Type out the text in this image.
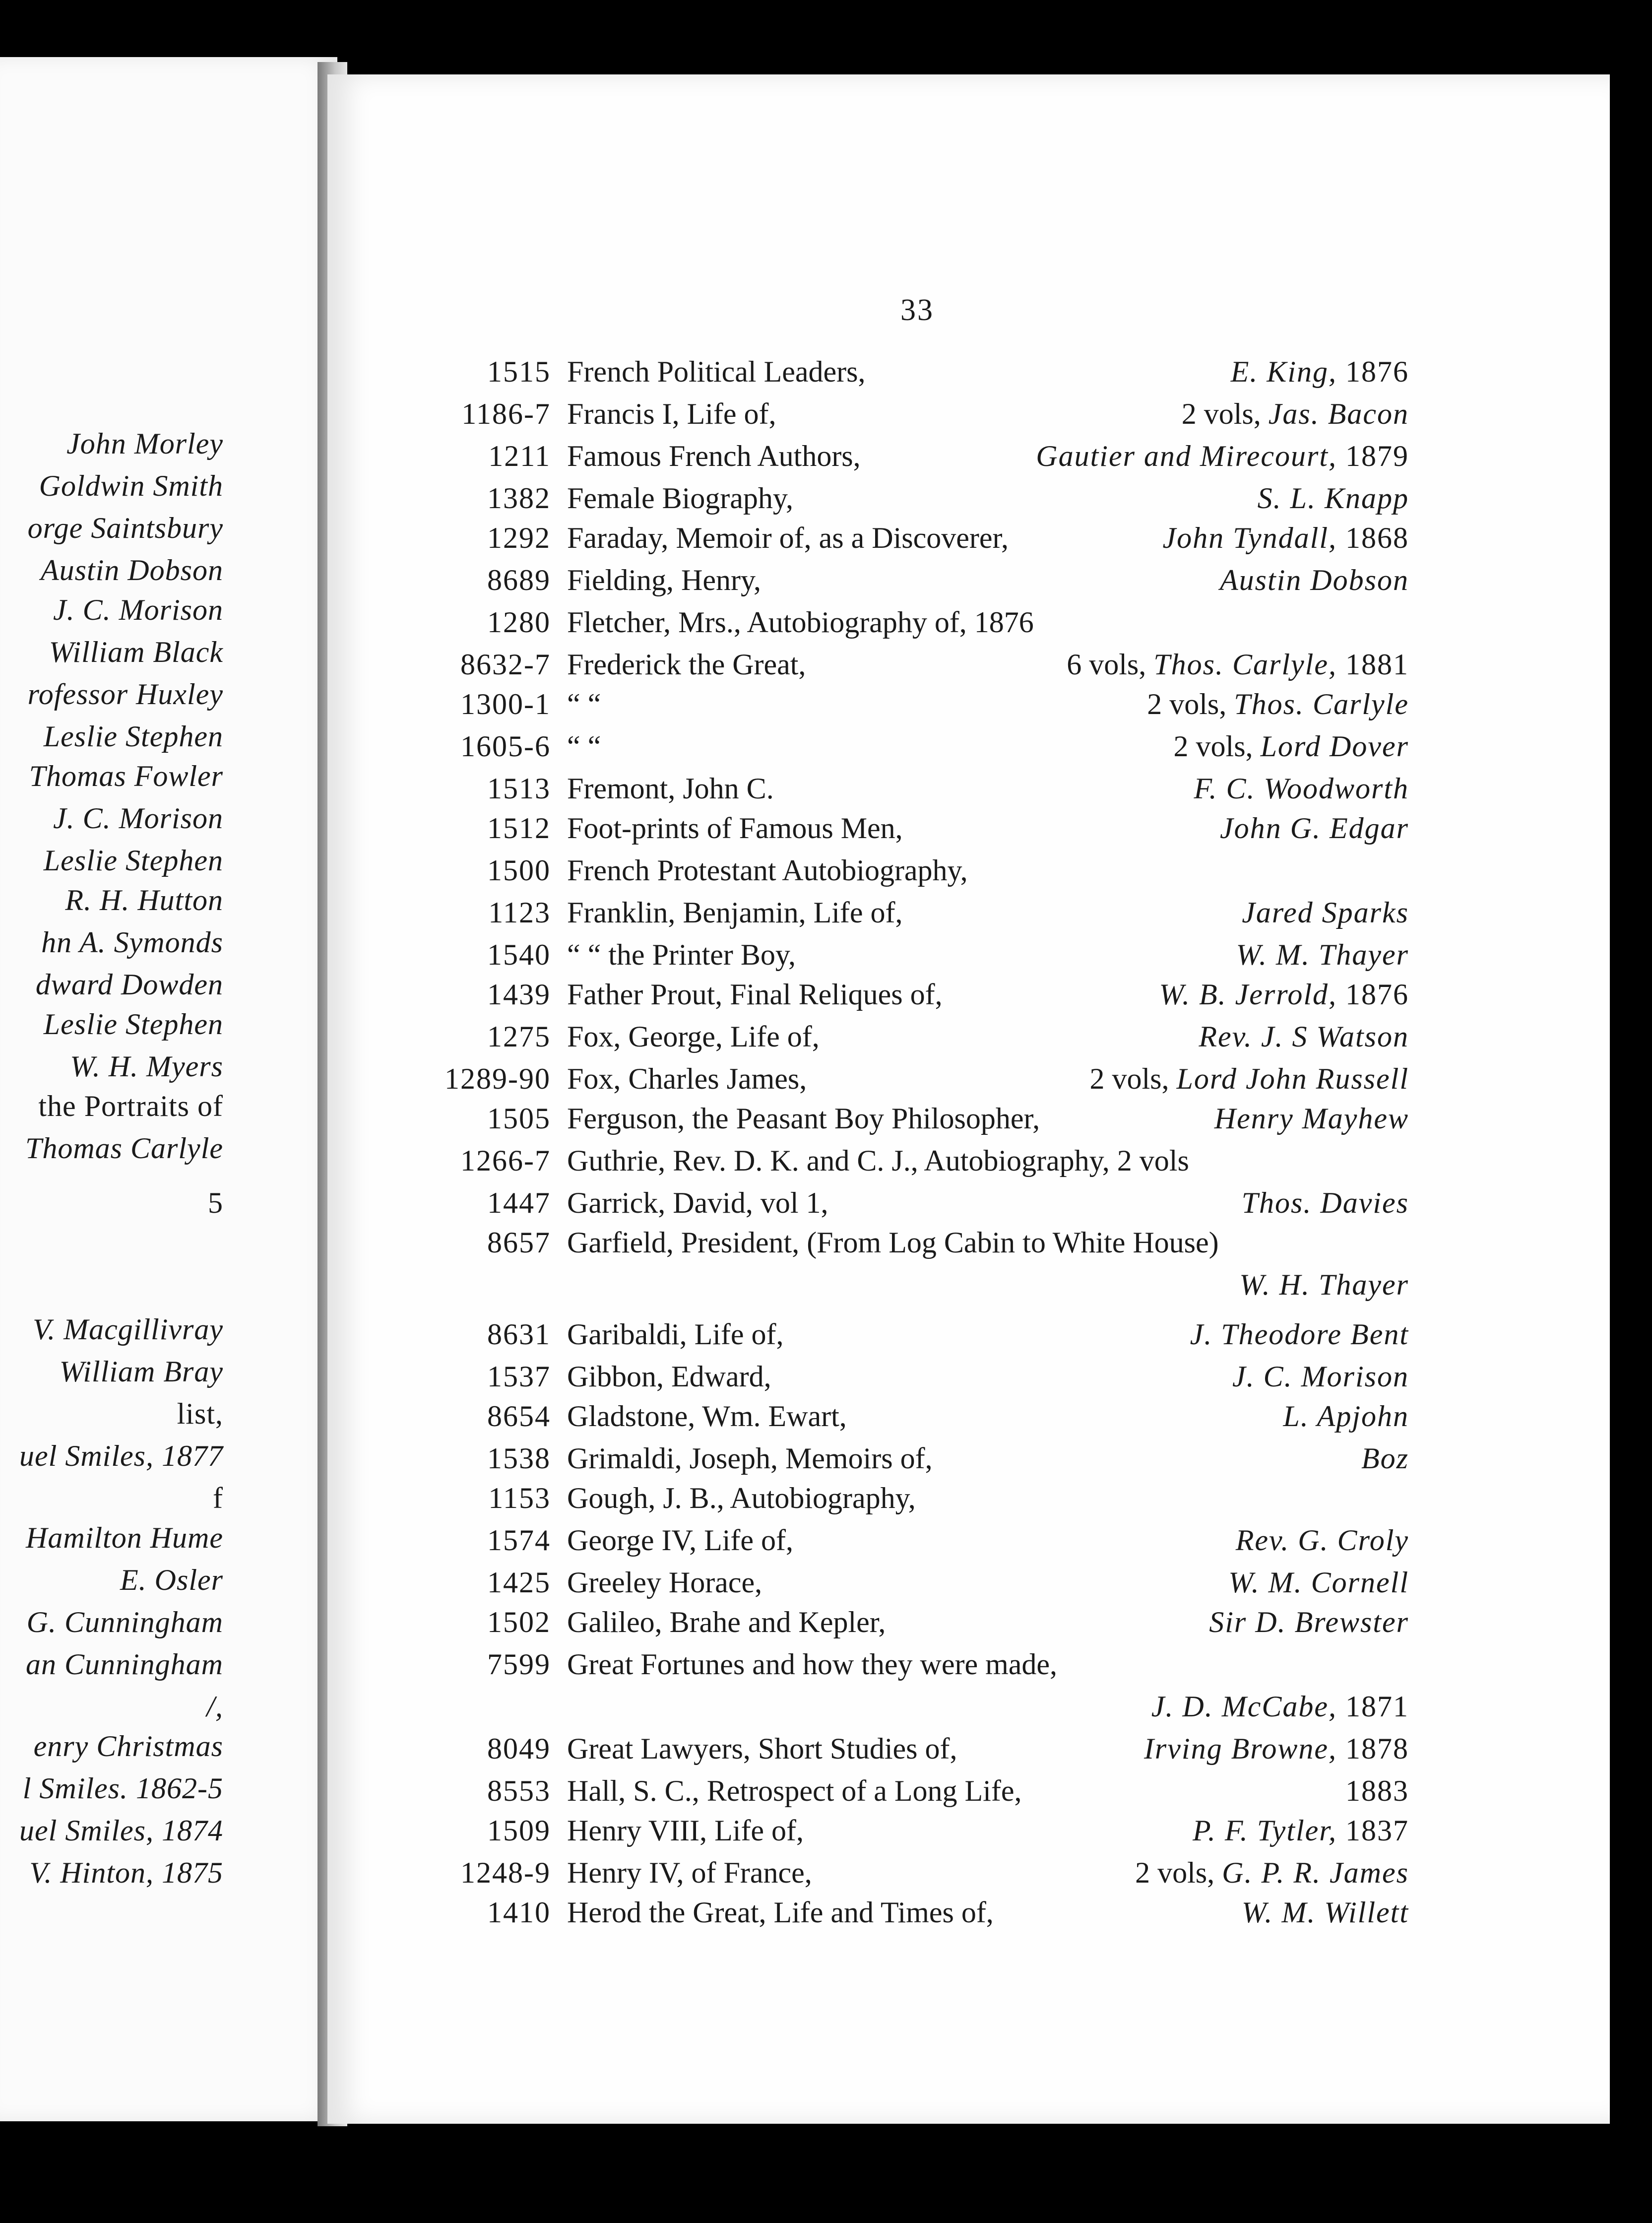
John Morley
Goldwin Smith
orge Saintsbury
Austin Dobson
J. C. Morison
William Black
rofessor Huxley
Leslie Stephen
Thomas Fowler
J. C. Morison
Leslie Stephen
R. H. Hutton
hn A. Symonds
dward Dowden
Leslie Stephen
W. H. Myers
the Portraits of
Thomas Carlyle
5
V. Macgillivray
William Bray
list,
uel Smiles, 1877
f
Hamilton Hume
E. Osler
G. Cunningham
an Cunningham
/,
enry Christmas
l Smiles. 1862-5
uel Smiles, 1874
V. Hinton, 1875
33
1515 French Political Leaders,	E. King, 1876
1186-7 Francis I, Life of,	2 vols, Jas. Bacon
1211 Famous French Authors,	Gautier and Mirecourt, 1879
1382 Female Biography,	S. L. Knapp
1292 Faraday, Memoir of, as a Discoverer,	John Tyndall, 1868
8689 Fielding, Henry,	Austin Dobson
1280 Fletcher, Mrs., Autobiography of, 1876
8632-7 Frederick the Great,	6 vols, Thos. Carlyle, 1881
1300-1 “ “	2 vols, Thos. Carlyle
1605-6 “ “	2 vols, Lord Dover
1513 Fremont, John C.	F. C. Woodworth
1512 Foot-prints of Famous Men,	John G. Edgar
1500 French Protestant Autobiography,
1123 Franklin, Benjamin, Life of,	Jared Sparks
1540 “ “ the Printer Boy,	W. M. Thayer
1439 Father Prout, Final Reliques of,	W. B. Jerrold, 1876
1275 Fox, George, Life of,	Rev. J. S Watson
1289-90 Fox, Charles James,	2 vols, Lord John Russell
1505 Ferguson, the Peasant Boy Philosopher,	Henry Mayhew
1266-7 Guthrie, Rev. D. K. and C. J., Autobiography, 2 vols
1447 Garrick, David, vol 1,	Thos. Davies
8657 Garfield, President, (From Log Cabin to White House)
W. H. Thayer
8631 Garibaldi, Life of,	J. Theodore Bent
1537 Gibbon, Edward,	J. C. Morison
8654 Gladstone, Wm. Ewart,	L. Apjohn
1538 Grimaldi, Joseph, Memoirs of,	Boz
1153 Gough, J. B., Autobiography,
1574 George IV, Life of,	Rev. G. Croly
1425 Greeley Horace,	W. M. Cornell
1502 Galileo, Brahe and Kepler,	Sir D. Brewster
7599 Great Fortunes and how they were made,
J. D. McCabe, 1871
8049 Great Lawyers, Short Studies of,	Irving Browne, 1878
8553 Hall, S. C., Retrospect of a Long Life,	1883
1509 Henry VIII, Life of,	P. F. Tytler, 1837
1248-9 Henry IV, of France,	2 vols, G. P. R. James
1410 Herod the Great, Life and Times of,	W. M. Willett
